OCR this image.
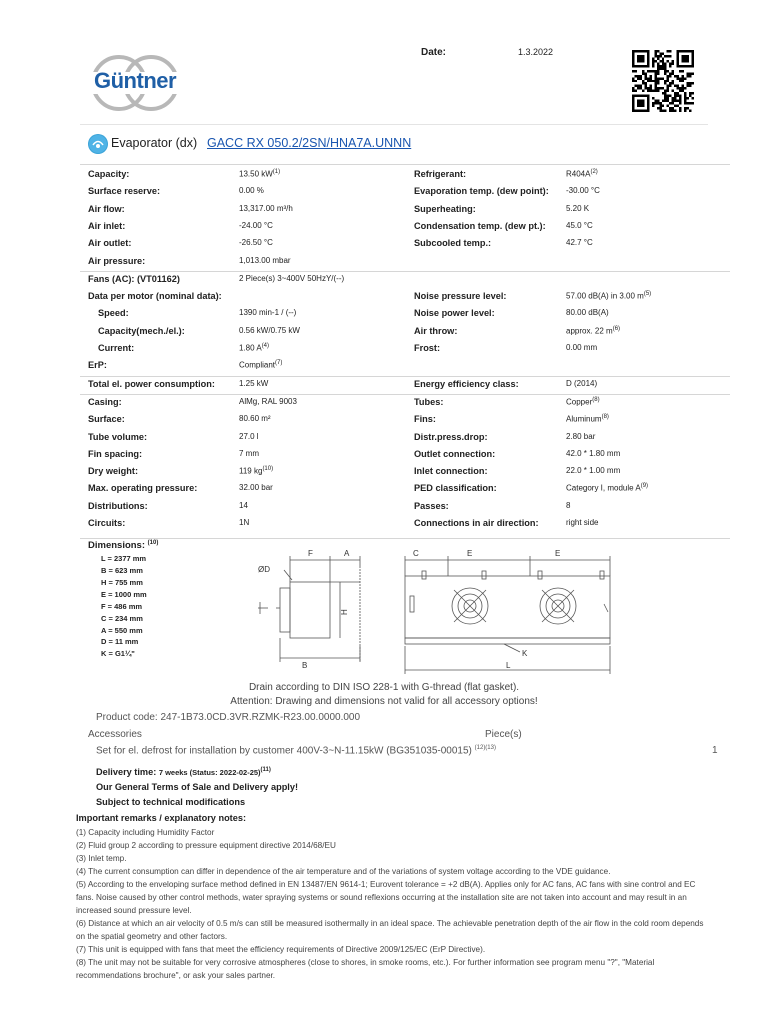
Güntner
Date:	1.3.2022
Evaporator (dx) GACC RX 050.2/2SN/HNA7A.UNNN
Capacity:	13.50 $kW^{(1)}$	Refrigerant:	$R404A^{(2)}$
Surface reserve:	0.00 %	Evaporation temp. (dew point): -30.00 °C
Air flow:	13,317.00 m³/h	Superheating:	5.20 K
Air inlet:	-24.00 °C	Condensation temp. (dew pt.):	45.0 °C
Air outlet:	-26.50 °C	Subcooled temp.:	42.7 °C
Air pressure:	1,013.00 mbar
Fans (AC): (VT01162)	2 Piece(s) 3~400V 50HzY/(--)
Data per motor (nominal data):	Noise pressure level:	57.00 dB(A) in 3.00 $m^{(5)}$
Speed:	1390 min-1 / (--)	Noise power level:	80.00 dB(A)
Capacity(mech./el.):	0.56 kW/0.75 kW	Air throw:	approx. 22 $m^{(6)}$
Current:	1.80 $A^{(4)}$	Frost:	0.00 mm
ErP:	Compliant$^{(7)}$
Total el. power consumption:	1.25 kW	Energy efficiency class:	D (2014)
Casing:	AlMg, RAL 9003	Tubes:	Copper$^{(8)}$
Surface:	80.60 m²	Fins:	Aluminum$^{(8)}$
Tube volume:	27.0 l	Distr.press.drop:	2.80 bar
Fin spacing:	7 mm	Outlet connection:	42.0 * 1.80 mm
Dry weight:	119 $kg^{(10)}$	Inlet connection:	22.0 * 1.00 mm
Max. operating pressure:	32.00 bar	PED classification:	Category I, module $A^{(9)}$
Distributions:	14	Passes:	8
Circuits:	1N	Connections in air direction:	right side
Dimensions: $^{(10)}$
L = 2377 mm
B = 623 mm
H = 755 mm
E = 1000 mm
F = 486 mm
C = 234 mm
A = 550 mm
D = 11 mm
K = G1¼"
F	A
ØD
H
B
C	E	E
K
L
Drain according to DIN ISO 228-1 with G-thread (flat gasket).
Attention: Drawing and dimensions not valid for all accessory options!
Product code: 247-1B73.0CD.3VR.RZMK-R23.00.0000.000
Accessories	Piece(s)
Set for el. defrost for installation by customer 400V-3~N-11.15kW (BG351035-00015) $^{(12)(13)}$	1
Delivery time: 7 weeks (Status: 2022-02-25)$^{(11)}$
Our General Terms of Sale and Delivery apply!
Subject to technical modifications
Important remarks / explanatory notes:
(1) Capacity including Humidity Factor
(2) Fluid group 2 according to pressure equipment directive 2014/68/EU
(3) Inlet temp.
(4) The current consumption can differ in dependence of the air temperature and of the variations of system voltage according to the VDE guidance.
(5) According to the enveloping surface method defined in EN 13487/EN 9614-1; Eurovent tolerance = +2 dB(A). Applies only for AC fans, AC fans with sine control and EC fans. Noise caused by other control methods, water spraying systems or sound reflexions occurring at the installation site are not taken into account and may result in an increased sound pressure level.
(6) Distance at which an air velocity of 0.5 m/s can still be measured isothermally in an ideal space. The achievable penetration depth of the air flow in the cold room depends on the spatial geometry and other factors.
(7) This unit is equipped with fans that meet the efficiency requirements of Directive 2009/125/EC (ErP Directive).
(8) The unit may not be suitable for very corrosive atmospheres (close to shores, in smoke rooms, etc.). For further information see program menu "?", "Material recommendations brochure", or ask your sales partner.
